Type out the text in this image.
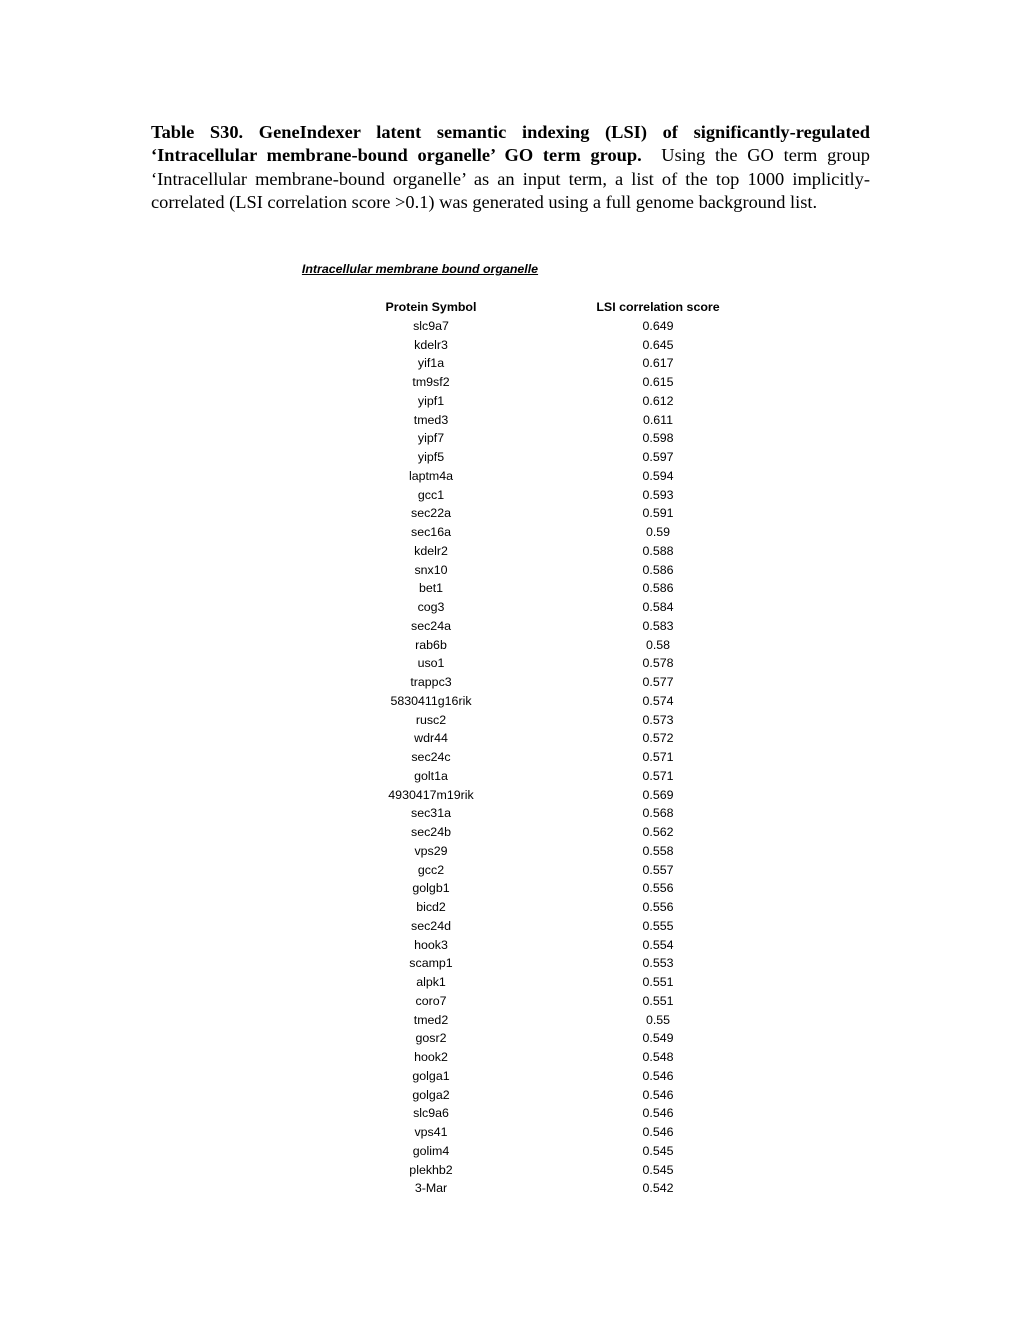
Table S30. GeneIndexer latent semantic indexing (LSI) of significantly-regulated ‘Intracellular membrane-bound organelle’ GO term group. Using the GO term group ‘Intracellular membrane-bound organelle’ as an input term, a list of the top 1000 implicitly-correlated (LSI correlation score >0.1) was generated using a full genome background list.
Intracellular membrane bound organelle
Protein Symbol	LSI correlation score
slc9a7	0.649
kdelr3	0.645
yif1a	0.617
tm9sf2	0.615
yipf1	0.612
tmed3	0.611
yipf7	0.598
yipf5	0.597
laptm4a	0.594
gcc1	0.593
sec22a	0.591
sec16a	0.59
kdelr2	0.588
snx10	0.586
bet1	0.586
cog3	0.584
sec24a	0.583
rab6b	0.58
uso1	0.578
trappc3	0.577
5830411g16rik	0.574
rusc2	0.573
wdr44	0.572
sec24c	0.571
golt1a	0.571
4930417m19rik	0.569
sec31a	0.568
sec24b	0.562
vps29	0.558
gcc2	0.557
golgb1	0.556
bicd2	0.556
sec24d	0.555
hook3	0.554
scamp1	0.553
alpk1	0.551
coro7	0.551
tmed2	0.55
gosr2	0.549
hook2	0.548
golga1	0.546
golga2	0.546
slc9a6	0.546
vps41	0.546
golim4	0.545
plekhb2	0.545
3-Mar	0.542
